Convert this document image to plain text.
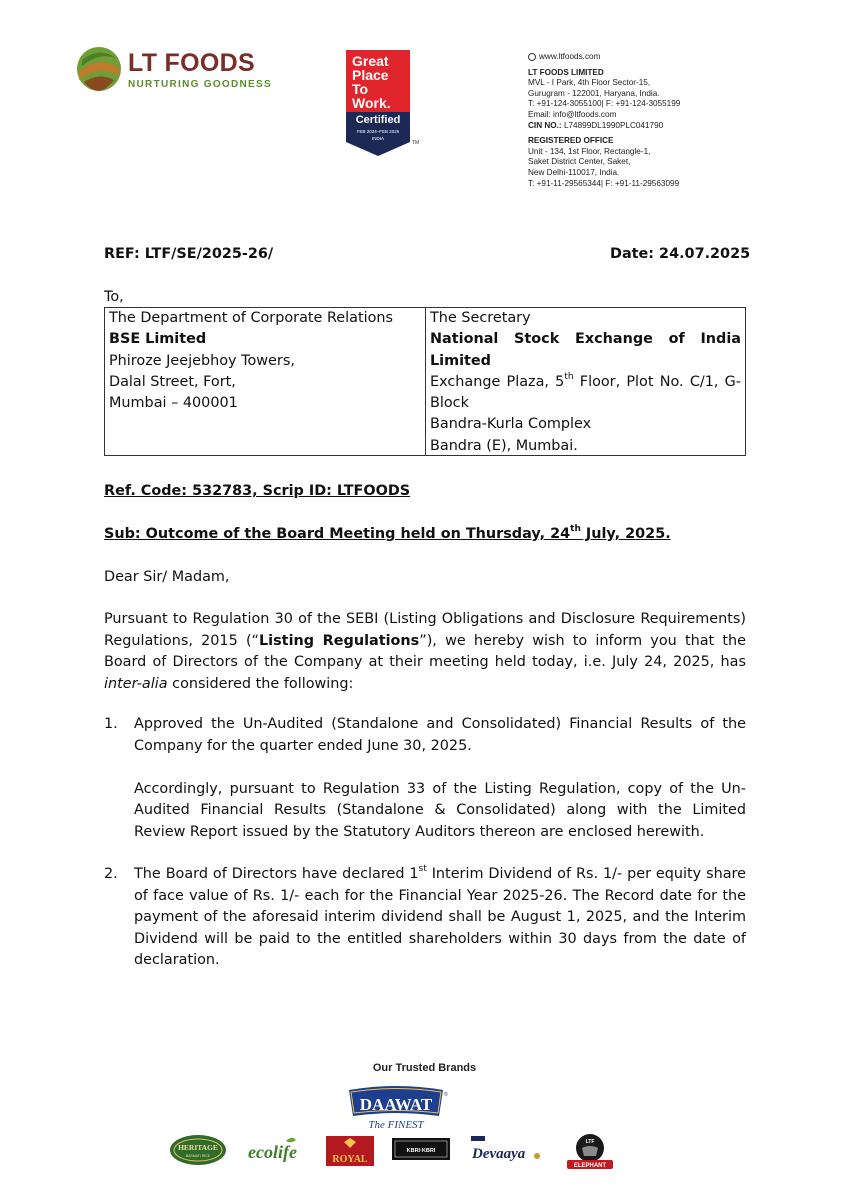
LT FOODS
NURTURING GOODNESS
Great
Place
To
Work.
Certified
FEB 2024–FEB 2025
INDIA
TM
www.ltfoods.com
LT FOODS LIMITED
MVL - I Park, 4th Floor Sector-15,
Gurugram - 122001, Haryana, India.
T: +91-124-3055100| F: +91-124-3055199
Email: info@ltfoods.com
CIN NO.: L74899DL1990PLC041790
REGISTERED OFFICE
Unit - 134, 1st Floor, Rectangle-1,
Saket District Center, Saket,
New Delhi-110017, India.
T: +91-11-29565344| F: +91-11-29563099
REF: LTF/SE/2025-26/	Date: 24.07.2025
To,
The Department of Corporate Relations
BSE Limited
Phiroze Jeejebhoy Towers,
Dalal Street, Fort,
Mumbai – 400001
The Secretary
National Stock Exchange of India
Limited
Exchange Plaza, 5th Floor, Plot No. C/1, G-
Block
Bandra-Kurla Complex
Bandra (E), Mumbai.
Ref. Code: 532783, Scrip ID: LTFOODS
Sub: Outcome of the Board Meeting held on Thursday, 24th July, 2025.
Dear Sir/ Madam,
Pursuant to Regulation 30 of the SEBI (Listing Obligations and Disclosure Requirements) Regulations, 2015 (“Listing Regulations”), we hereby wish to inform you that the Board of Directors of the Company at their meeting held today, i.e. July 24, 2025, has inter-alia considered the following:
1. Approved the Un-Audited (Standalone and Consolidated) Financial Results of the Company for the quarter ended June 30, 2025.
Accordingly, pursuant to Regulation 33 of the Listing Regulation, copy of the Un-Audited Financial Results (Standalone & Consolidated) along with the Limited Review Report issued by the Statutory Auditors thereon are enclosed herewith.
2. The Board of Directors have declared 1st Interim Dividend of Rs. 1/- per equity share of face value of Rs. 1/- each for the Financial Year 2025-26. The Record date for the payment of the aforesaid interim dividend shall be August 1, 2025, and the Interim Dividend will be paid to the entitled shareholders within 30 days from the date of declaration.
Our Trusted Brands
DAAWAT ®
The FINEST
HERITAGE
BASMATI RICE ecolife	ROYAL
KBRI·KBRI Devaaya
LTF
ELEPHANT
